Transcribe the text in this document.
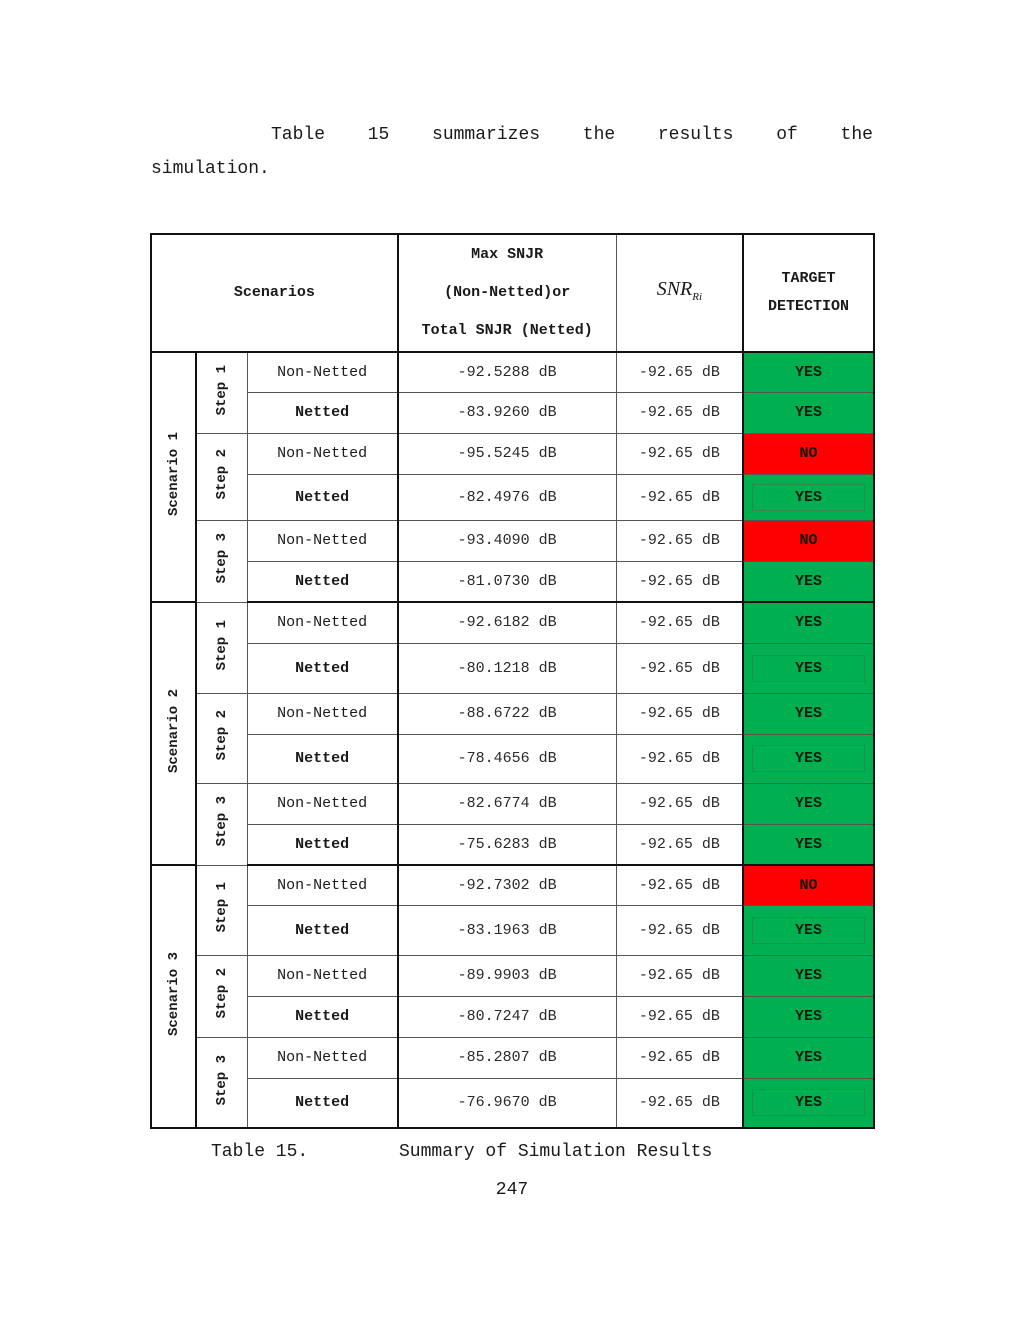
Table 15 summarizes the results of the
simulation.
Scenarios			Max SNJR
(Non-Netted)or
Total SNJR (Netted)	$SNR_{Ri}$	TARGET
DETECTION
Scenario 1	Step 1	Non-Netted	-92.5288 dB	-92.65 dB	YES

		Netted	-83.9260 dB	-92.65 dB	YES

	Step 2	Non-Netted	-95.5245 dB	-92.65 dB	NO

		Netted	-82.4976 dB	-92.65 dB	YES

	Step 3	Non-Netted	-93.4090 dB	-92.65 dB	NO

		Netted	-81.0730 dB	-92.65 dB	YES

Scenario 2	Step 1	Non-Netted	-92.6182 dB	-92.65 dB	YES

		Netted	-80.1218 dB	-92.65 dB	YES

	Step 2	Non-Netted	-88.6722 dB	-92.65 dB	YES

		Netted	-78.4656 dB	-92.65 dB	YES

	Step 3	Non-Netted	-82.6774 dB	-92.65 dB	YES

		Netted	-75.6283 dB	-92.65 dB	YES

Scenario 3	Step 1	Non-Netted	-92.7302 dB	-92.65 dB	NO

		Netted	-83.1963 dB	-92.65 dB	YES

	Step 2	Non-Netted	-89.9903 dB	-92.65 dB	YES

		Netted	-80.7247 dB	-92.65 dB	YES

	Step 3	Non-Netted	-85.2807 dB	-92.65 dB	YES

		Netted	-76.9670 dB	-92.65 dB	YES
Table 15.	Summary of Simulation Results
247
